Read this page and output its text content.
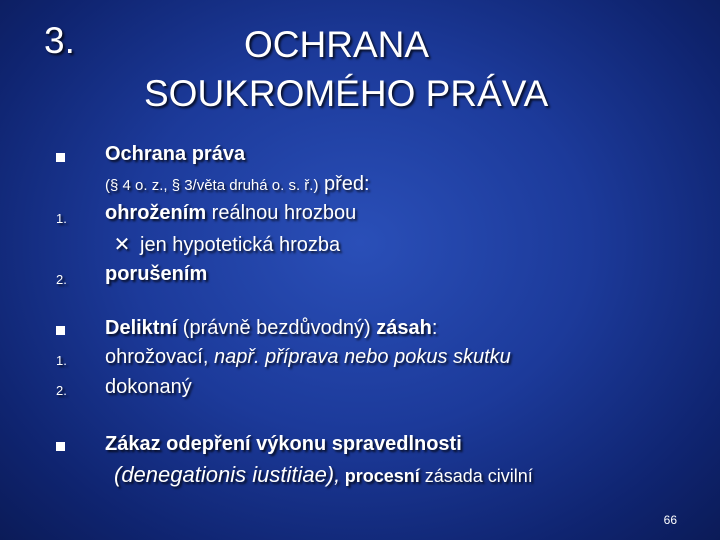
3.	OCHRANA
SOUKROMÉHO PRÁVA
Ochrana práva
(§ 4 o. z., § 3/věta druhá o. s. ř.) před:
1. ohrožením reálnou hrozbou
✕ jen hypotetická hrozba
2. porušením
Deliktní (právně bezdůvodný) zásah:
1. ohrožovací, např. příprava nebo pokus skutku
2. dokonaný
Zákaz odepření výkonu spravedlnosti
(denegationis iustitiae), procesní zásada civilní
66
